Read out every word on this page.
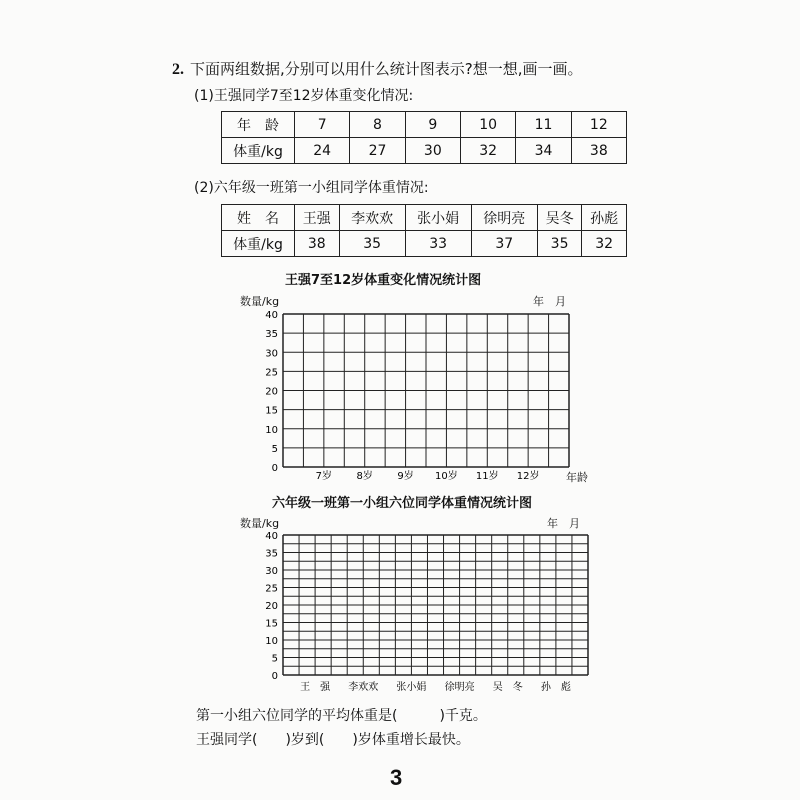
2. 下面两组数据,分别可以用什么统计图表示?想一想,画一画。
(1)王强同学7至12岁体重变化情况:
年　龄	7	8	9	10	11	12
体重/kg	24	27	30	32	34	38
(2)六年级一班第一小组同学体重情况:
姓　名	王强	李欢欢	张小娟	徐明亮	吴冬	孙彪
体重/kg	38	35	33	37	35	32
王强7至12岁体重变化情况统计图
数量/kg	年　月
年龄
六年级一班第一小组六位同学体重情况统计图
数量/kg	年　月
0
5
10
15
20
25
30
35
40
7岁 8岁 9岁 10岁 11岁 12岁
0
5
10
15
20
25
30
35
40
王　强 李欢欢 张小娟 徐明亮 吴　冬 孙　彪
第一小组六位同学的平均体重是(　　　)千克。
王强同学(　　)岁到(　　)岁体重增长最快。
3
